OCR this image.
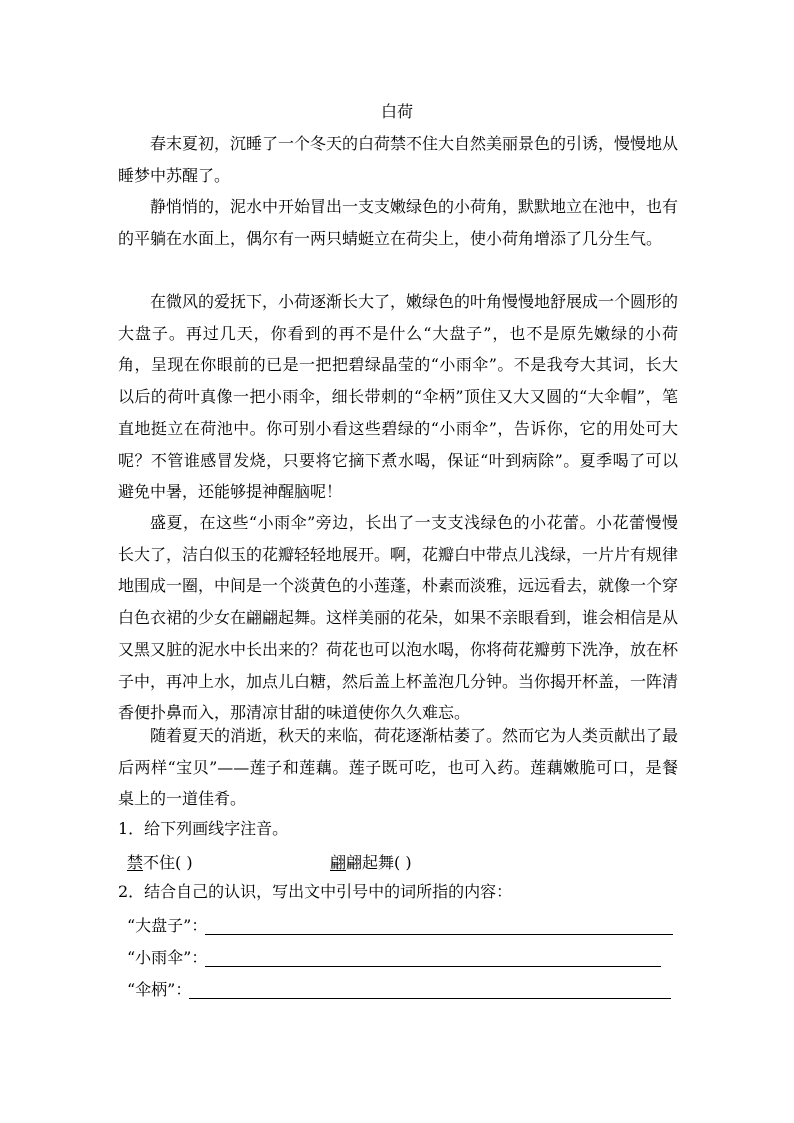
白荷

春末夏初，沉睡了一个冬天的白荷禁不住大自然美丽景色的引诱，慢慢地从睡梦中苏醒了。

静悄悄的，泥水中开始冒出一支支嫩绿色的小荷角，默默地立在池中，也有的平躺在水面上，偶尔有一两只蜻蜓立在荷尖上，使小荷角增添了几分生气。

在微风的爱抚下，小荷逐渐长大了，嫩绿色的叶角慢慢地舒展成一个圆形的大盘子。再过几天，你看到的再不是什么“大盘子”，也不是原先嫩绿的小荷角，呈现在你眼前的已是一把把碧绿晶莹的“小雨伞”。不是我夸大其词，长大以后的荷叶真像一把小雨伞，细长带刺的“伞柄”顶住又大又圆的“大伞帽”，笔直地挺立在荷池中。你可别小看这些碧绿的“小雨伞”，告诉你，它的用处可大呢？不管谁感冒发烧，只要将它摘下煮水喝，保证“叶到病除”。夏季喝了可以避免中暑，还能够提神醒脑呢！

盛夏，在这些“小雨伞”旁边，长出了一支支浅绿色的小花蕾。小花蕾慢慢长大了，洁白似玉的花瓣轻轻地展开。啊，花瓣白中带点儿浅绿，一片片有规律地围成一圈，中间是一个淡黄色的小莲蓬，朴素而淡雅，远远看去，就像一个穿白色衣裙的少女在翩翩起舞。这样美丽的花朵，如果不亲眼看到，谁会相信是从又黑又脏的泥水中长出来的？荷花也可以泡水喝，你将荷花瓣剪下洗净，放在杯子中，再冲上水，加点儿白糖，然后盖上杯盖泡几分钟。当你揭开杯盖，一阵清香便扑鼻而入，那清凉甘甜的味道使你久久难忘。

随着夏天的消逝，秋天的来临，荷花逐渐枯萎了。然而它为人类贡献出了最后两样“宝贝”——莲子和莲藕。莲子既可吃，也可入药。莲藕嫩脆可口，是餐桌上的一道佳肴。

1．给下列画线字注音。
禁不住( )	翩翩起舞( )
2．结合自己的认识，写出文中引号中的词所指的内容：
“大盘子”：
“小雨伞”：
“伞柄”：
